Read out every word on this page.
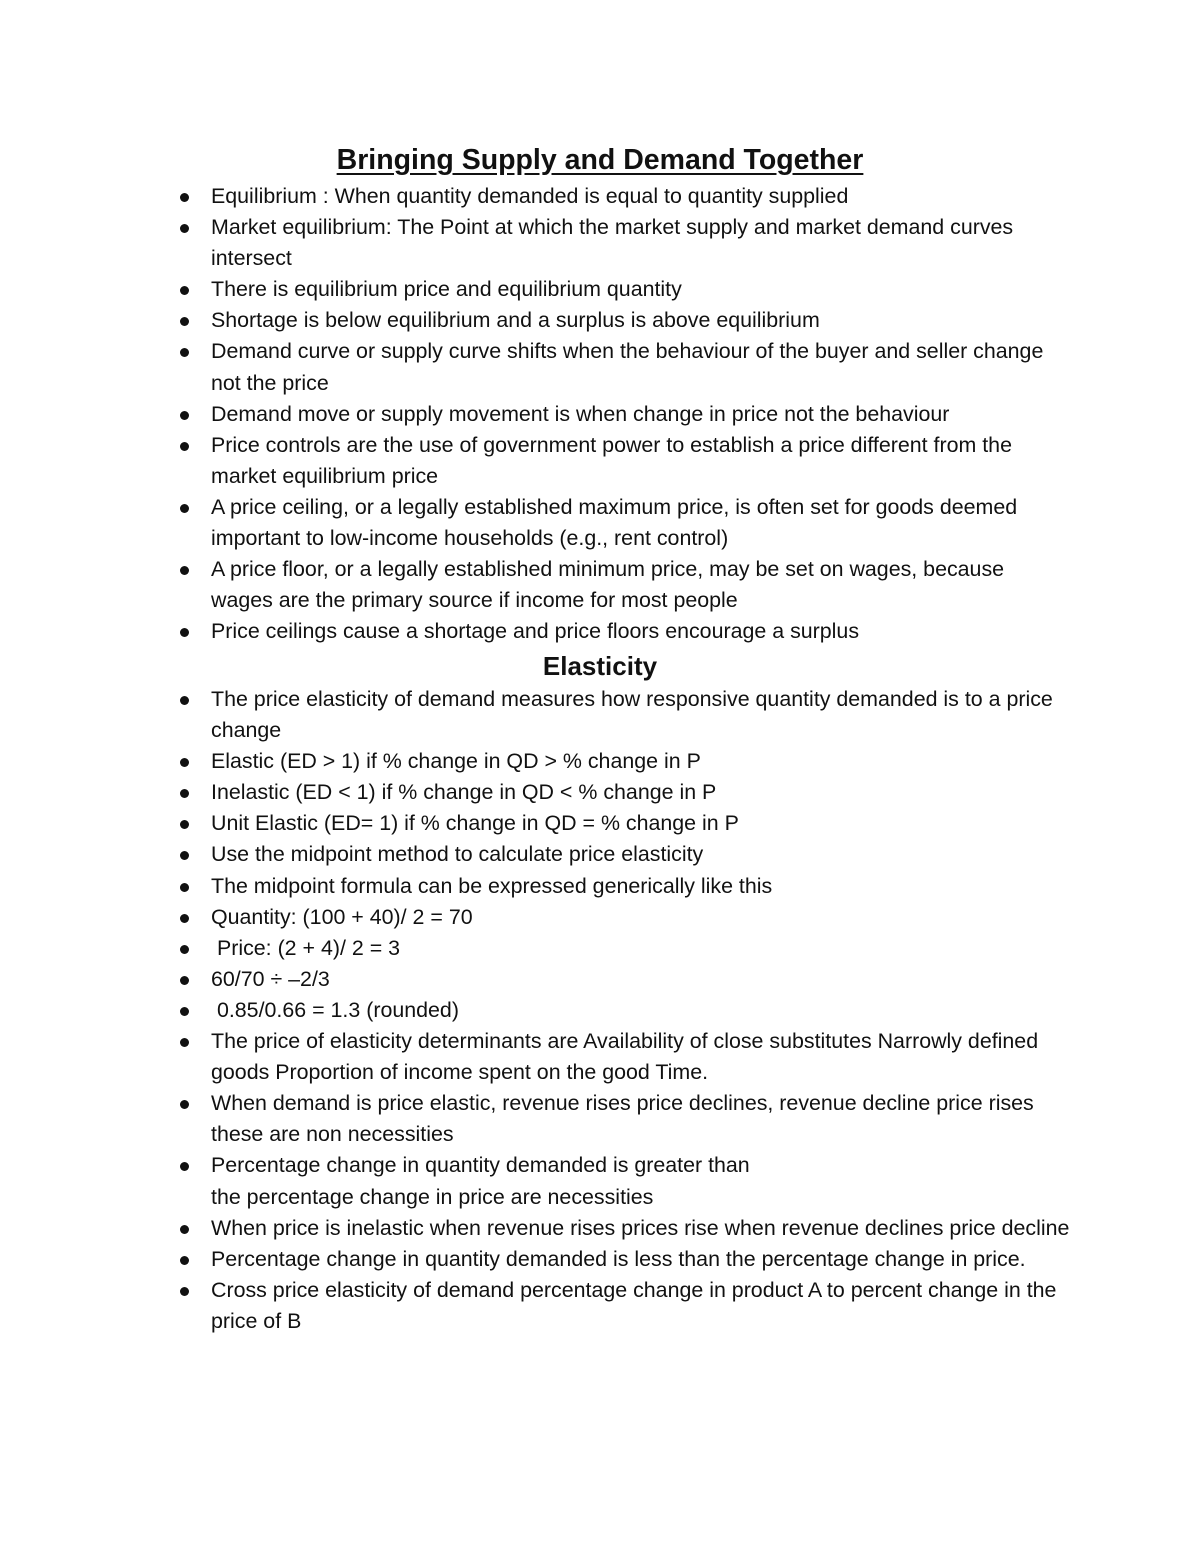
Bringing Supply and Demand Together
Equilibrium : When quantity demanded is equal to quantity supplied
Market equilibrium: The Point at which the market supply and market demand curves intersect
There is equilibrium price and equilibrium quantity
Shortage is below equilibrium and a surplus is above equilibrium
Demand curve or supply curve shifts when the behaviour of the buyer and seller change not the price
Demand move or supply movement is when change in price not the behaviour
Price controls are the use of government power to establish a price different from the market equilibrium price
A price ceiling, or a legally established maximum price, is often set for goods deemed important to low-income households (e.g., rent control)
A price floor, or a legally established minimum price, may be set on wages, because wages are the primary source if income for most people
Price ceilings cause a shortage and price floors encourage a surplus
Elasticity
The price elasticity of demand measures how responsive quantity demanded is to a price change
Elastic (ED > 1) if % change in QD > % change in P
Inelastic (ED < 1) if % change in QD < % change in P
Unit Elastic (ED= 1) if % change in QD = % change in P
Use the midpoint method to calculate price elasticity
The midpoint formula can be expressed generically like this
Quantity: (100 + 40)/ 2 = 70
Price: (2 + 4)/ 2 = 3
60/70 ÷ –2/3
0.85/0.66 = 1.3 (rounded)
The price of elasticity determinants are Availability of close substitutes Narrowly defined goods Proportion of income spent on the good Time.
When demand is price elastic, revenue rises price declines, revenue decline price rises these are non necessities
Percentage change in quantity demanded is greater than
the percentage change in price are necessities
When price is inelastic when revenue rises prices rise when revenue declines price decline
Percentage change in quantity demanded is less than the percentage change in price.
Cross price elasticity of demand percentage change in product A to percent change in the price of B
